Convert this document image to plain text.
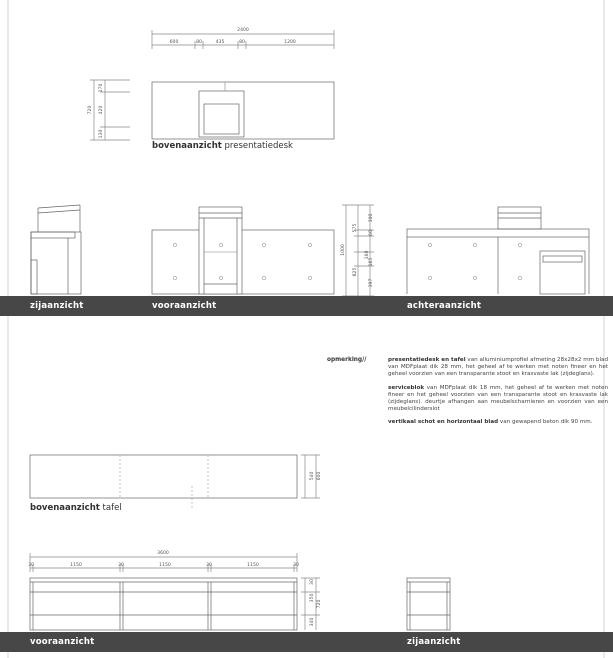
2400
600	80	435	80	1200
170
720 420
130
300
575
60
1000
825
160
185
397
540 600
3600
30	1150	30	1150	30	1150	30
30
350
720
340
bovenaanzicht presentatiedesk
zijaanzicht	vooraanzicht	achteraanzicht
opmerking//	presentatiedesk en tafel van alluminiumprofiel afmeting 28x28x2 mm blad van MDFplaat dik 28 mm, het geheel af te werken met noten fineer en het geheel voorzien van een transparante stoot en krasvaste lak (zijdeglans).

serviceblok van MDFplaat dik 18 mm, het geheel af te werken met noten fineer en het geheel voorzien van een transparante stoot en krasvaste lak (zijdeglans). deurtje afhangen aan meubelscharnieren en voorzien van een meubelcilinderslot

vertikaal schot en horizontaal blad van gewapend beton dik 90 mm.

bovenaanzicht tafel
vooraanzicht	zijaanzicht
